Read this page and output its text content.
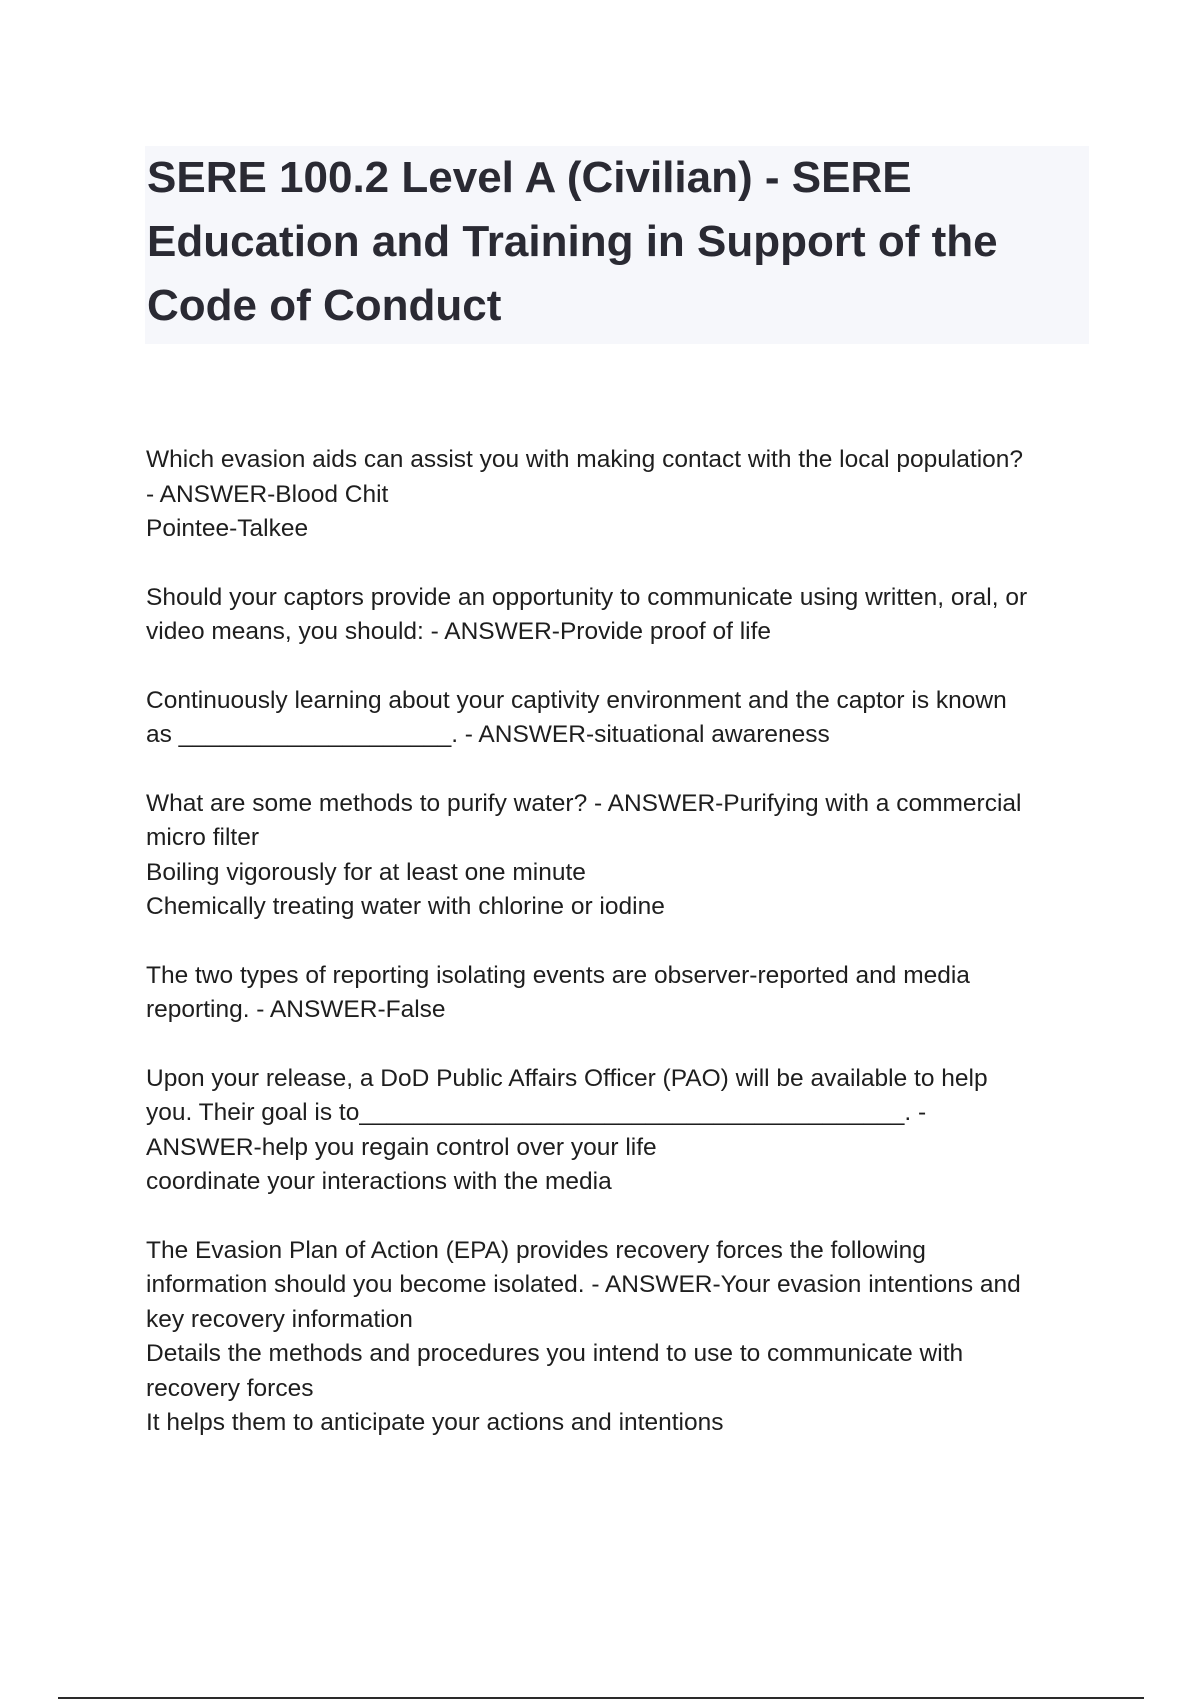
SERE 100.2 Level A (Civilian) - SERE
Education and Training in Support of the
Code of Conduct

Which evasion aids can assist you with making contact with the local population?
- ANSWER-Blood Chit
Pointee-Talkee

Should your captors provide an opportunity to communicate using written, oral, or
video means, you should: - ANSWER-Provide proof of life

Continuously learning about your captivity environment and the captor is known
as ____________________. - ANSWER-situational awareness

What are some methods to purify water? - ANSWER-Purifying with a commercial
micro filter
Boiling vigorously for at least one minute
Chemically treating water with chlorine or iodine

The two types of reporting isolating events are observer-reported and media
reporting. - ANSWER-False

Upon your release, a DoD Public Affairs Officer (PAO) will be available to help
you. Their goal is to________________________________________. -
ANSWER-help you regain control over your life
coordinate your interactions with the media

The Evasion Plan of Action (EPA) provides recovery forces the following
information should you become isolated. - ANSWER-Your evasion intentions and
key recovery information
Details the methods and procedures you intend to use to communicate with
recovery forces
It helps them to anticipate your actions and intentions
